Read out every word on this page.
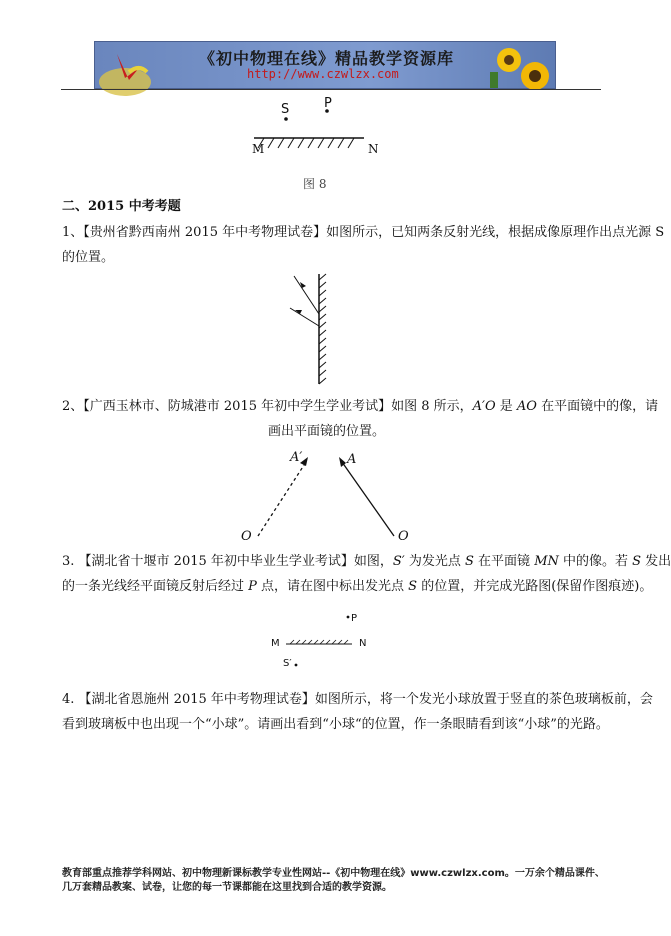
《初中物理在线》精品教学资源库
http://www.czwlzx.com
S	P
M	N
图 8
二、2015 中考考题
1、【贵州省黔西南州 2015 年中考物理试卷】如图所示，已知两条反射光线，根据成像原理作出点光源 S
的位置。
2、【广西玉林市、防城港市 2015 年初中学生学业考试】如图 8 所示，A′O 是 AO 在平面镜中的像，请
画出平面镜的位置。
A′	A
O	O
3. 【湖北省十堰市 2015 年初中毕业生学业考试】如图，S′ 为发光点 S 在平面镜 MN 中的像。若 S 发出
的一条光线经平面镜反射后经过 P 点，请在图中标出发光点 S 的位置，并完成光路图(保留作图痕迹)。
P
M	N
S′
4. 【湖北省恩施州 2015 年中考物理试卷】如图所示，将一个发光小球放置于竖直的茶色玻璃板前，会
看到玻璃板中也出现一个“小球”。请画出看到“小球“的位置，作一条眼睛看到该“小球”的光路。
教育部重点推荐学科网站、初中物理新课标教学专业性网站--《初中物理在线》www.czwlzx.com。一万余个精品课件、
几万套精品教案、试卷，让您的每一节课都能在这里找到合适的教学资源。
